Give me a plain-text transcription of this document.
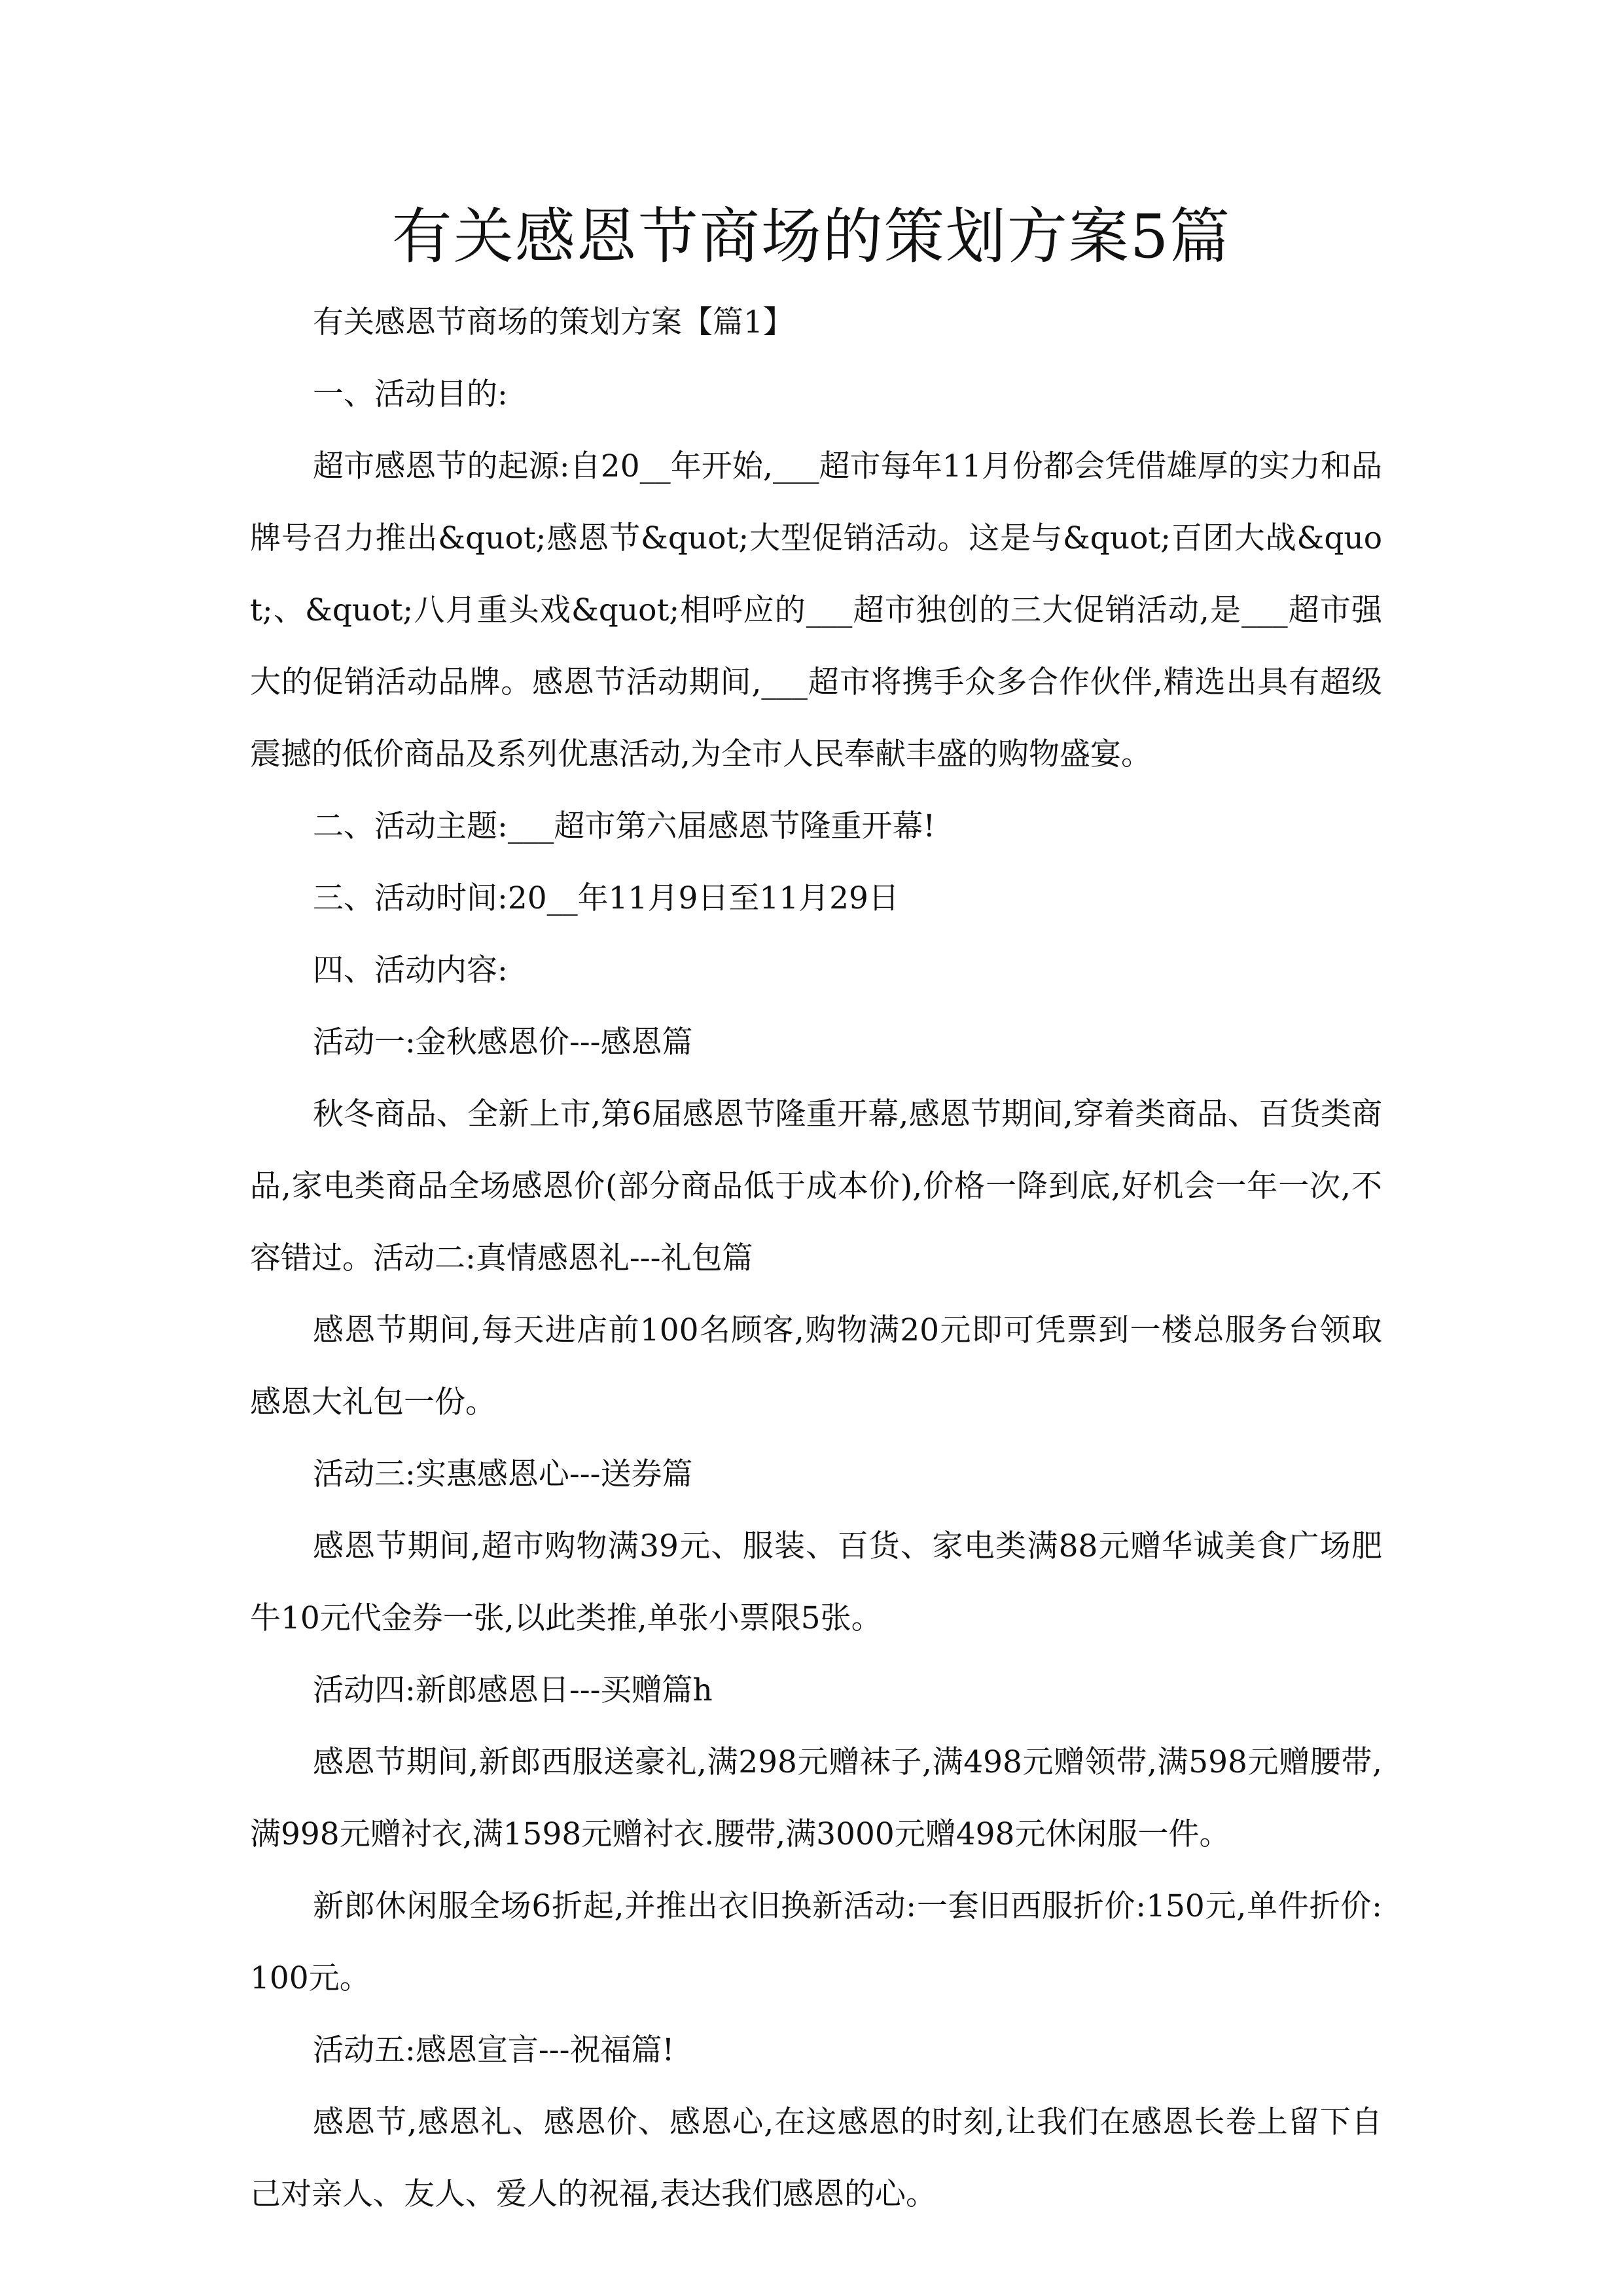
有关感恩节商场的策划方案5篇

有关感恩节商场的策划方案【篇1】

一、活动目的:

超市感恩节的起源:自20__年开始,___超市每年11月份都会凭借雄厚的实力和品牌号召力推出&quot;感恩节&quot;大型促销活动。这是与&quot;百团大战&quot;、&quot;八月重头戏&quot;相呼应的___超市独创的三大促销活动,是___超市强大的促销活动品牌。感恩节活动期间,___超市将携手众多合作伙伴,精选出具有超级震撼的低价商品及系列优惠活动,为全市人民奉献丰盛的购物盛宴。

二、活动主题:___超市第六届感恩节隆重开幕!

三、活动时间:20__年11月9日至11月29日

四、活动内容:

活动一:金秋感恩价---感恩篇

秋冬商品、全新上市,第6届感恩节隆重开幕,感恩节期间,穿着类商品、百货类商品,家电类商品全场感恩价(部分商品低于成本价),价格一降到底,好机会一年一次,不容错过。活动二:真情感恩礼---礼包篇

感恩节期间,每天进店前100名顾客,购物满20元即可凭票到一楼总服务台领取感恩大礼包一份。

活动三:实惠感恩心---送券篇

感恩节期间,超市购物满39元、服装、百货、家电类满88元赠华诚美食广场肥牛10元代金券一张,以此类推,单张小票限5张。

活动四:新郎感恩日---买赠篇h

感恩节期间,新郎西服送豪礼,满298元赠袜子,满498元赠领带,满598元赠腰带,满998元赠衬衣,满1598元赠衬衣.腰带,满3000元赠498元休闲服一件。

新郎休闲服全场6折起,并推出衣旧换新活动:一套旧西服折价:150元,单件折价:100元。

活动五:感恩宣言---祝福篇!

感恩节,感恩礼、感恩价、感恩心,在这感恩的时刻,让我们在感恩长卷上留下自己对亲人、友人、爱人的祝福,表达我们感恩的心。
